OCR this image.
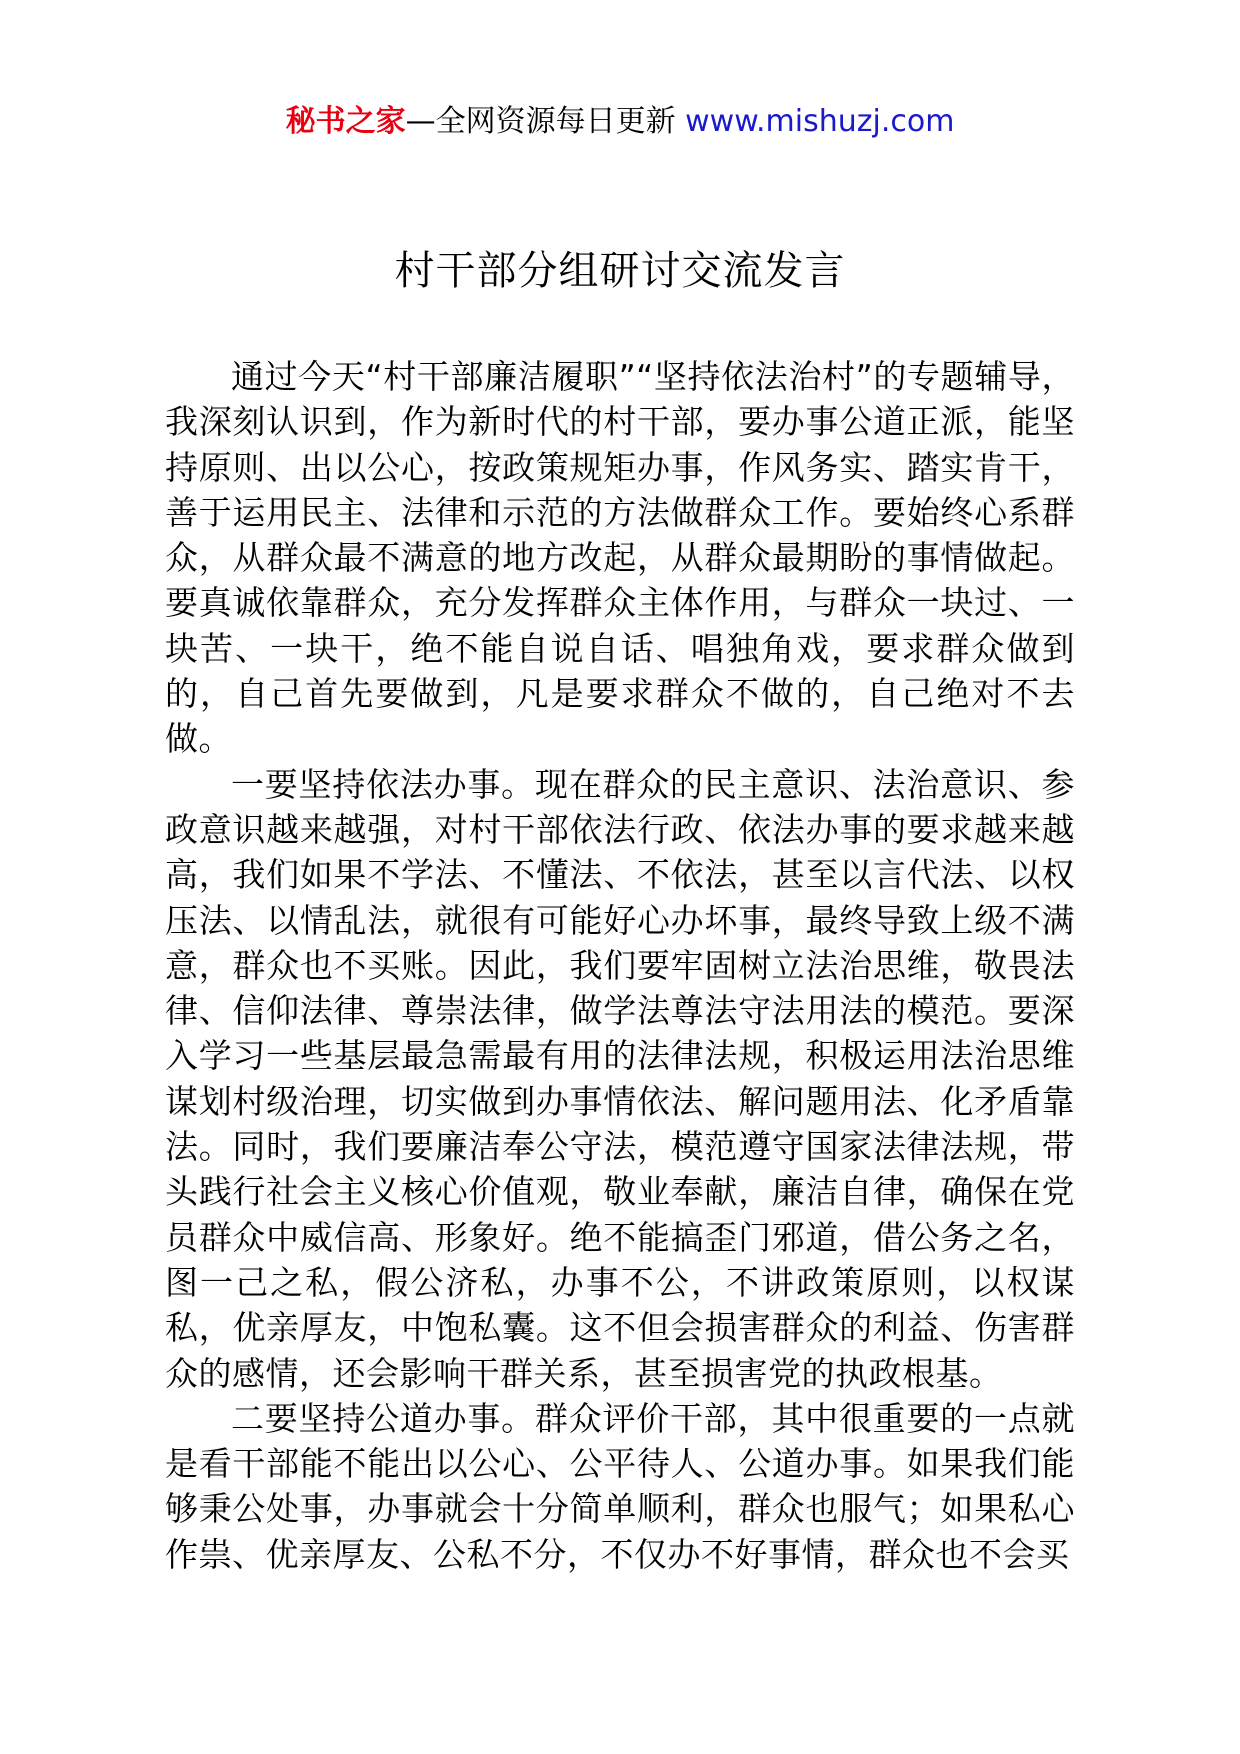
秘书之家—全网资源每日更新 www.mishuzj.com
村干部分组研讨交流发言

通过今天“村干部廉洁履职”“坚持依法治村”的专题辅导，我深刻认识到，作为新时代的村干部，要办事公道正派，能坚持原则、出以公心，按政策规矩办事，作风务实、踏实肯干，善于运用民主、法律和示范的方法做群众工作。要始终心系群众，从群众最不满意的地方改起，从群众最期盼的事情做起。要真诚依靠群众，充分发挥群众主体作用，与群众一块过、一块苦、一块干，绝不能自说自话、唱独角戏，要求群众做到的，自己首先要做到，凡是要求群众不做的，自己绝对不去做。

一要坚持依法办事。现在群众的民主意识、法治意识、参政意识越来越强，对村干部依法行政、依法办事的要求越来越高，我们如果不学法、不懂法、不依法，甚至以言代法、以权压法、以情乱法，就很有可能好心办坏事，最终导致上级不满意，群众也不买账。因此，我们要牢固树立法治思维，敬畏法律、信仰法律、尊崇法律，做学法尊法守法用法的模范。要深入学习一些基层最急需最有用的法律法规，积极运用法治思维谋划村级治理，切实做到办事情依法、解问题用法、化矛盾靠法。同时，我们要廉洁奉公守法，模范遵守国家法律法规，带头践行社会主义核心价值观，敬业奉献，廉洁自律，确保在党员群众中威信高、形象好。绝不能搞歪门邪道，借公务之名，图一己之私，假公济私，办事不公，不讲政策原则，以权谋私，优亲厚友，中饱私囊。这不但会损害群众的利益、伤害群众的感情，还会影响干群关系，甚至损害党的执政根基。

二要坚持公道办事。群众评价干部，其中很重要的一点就是看干部能不能出以公心、公平待人、公道办事。如果我们能够秉公处事，办事就会十分简单顺利，群众也服气；如果私心作祟、优亲厚友、公私不分，不仅办不好事情，群众也不会买
